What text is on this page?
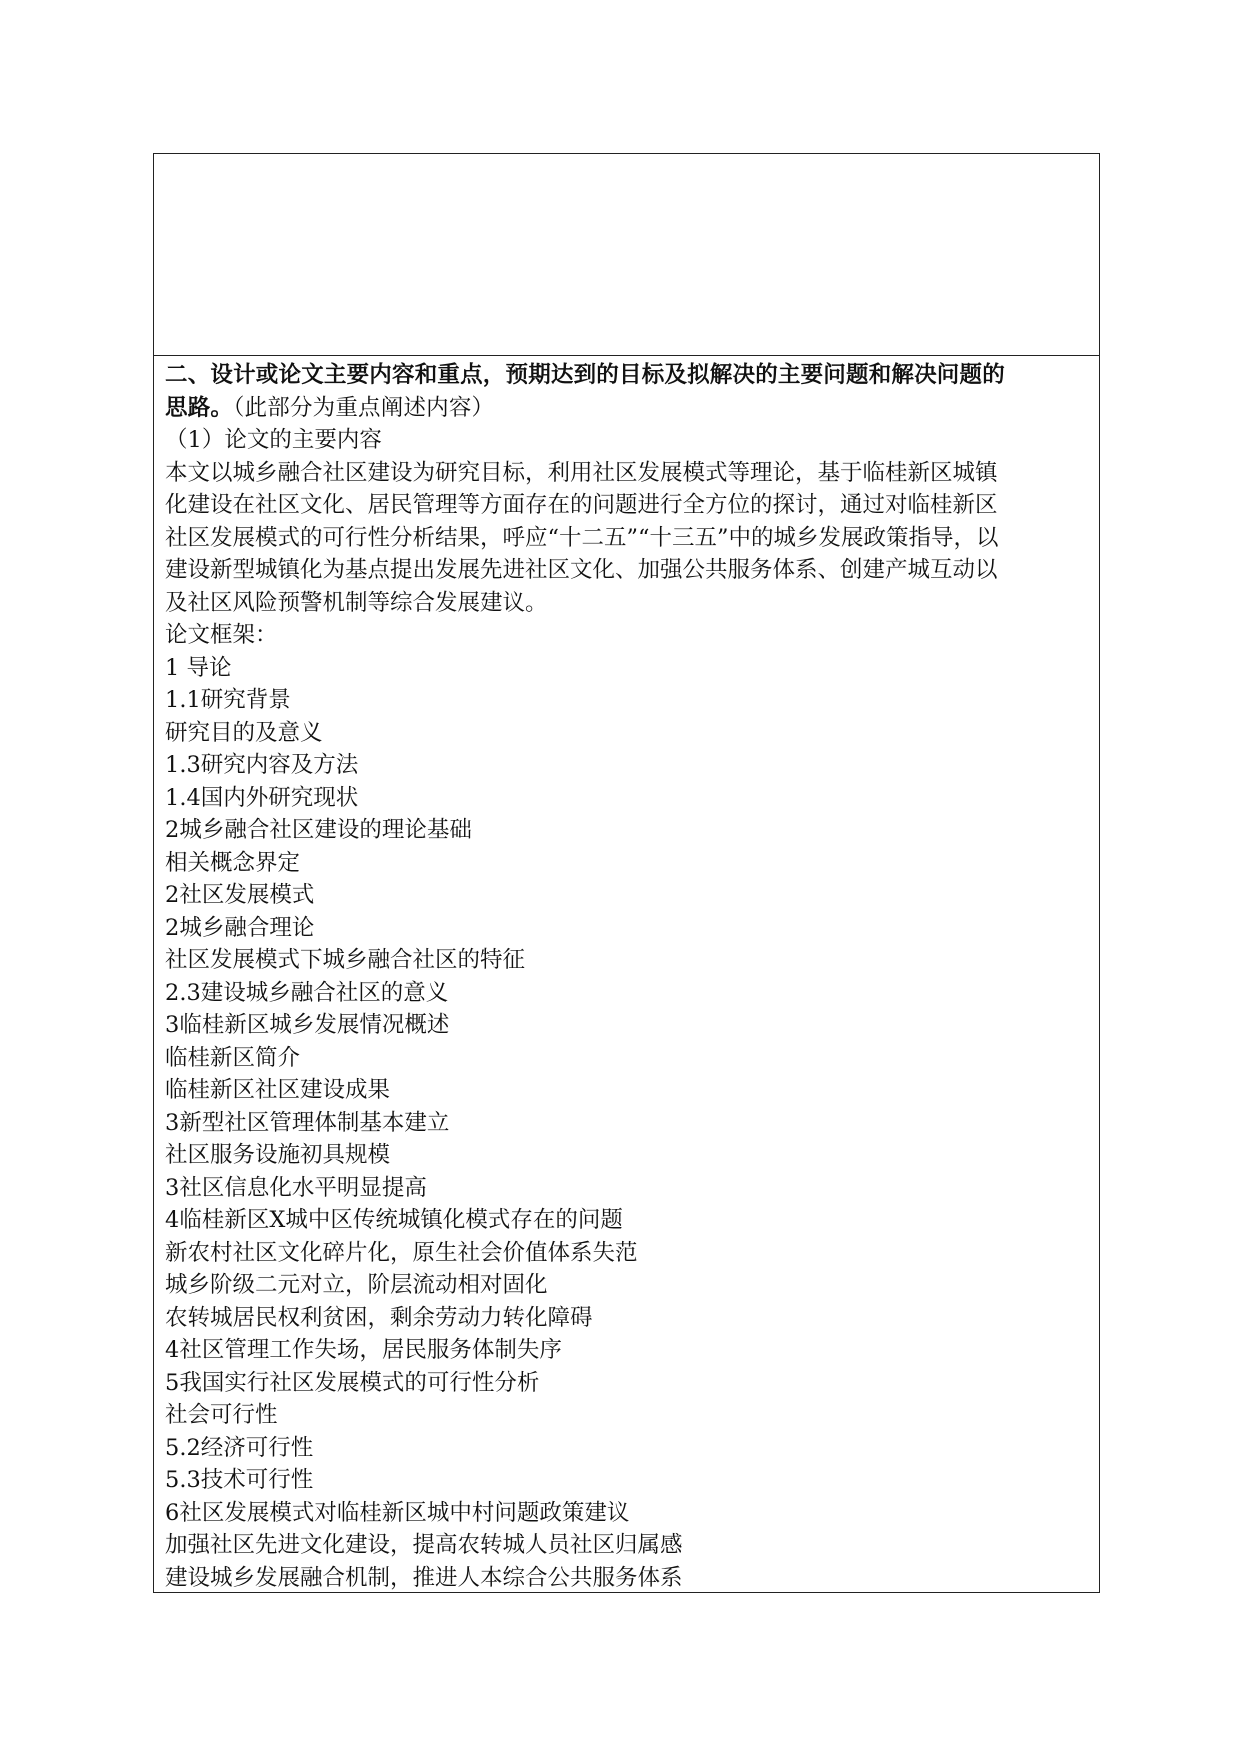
二、设计或论文主要内容和重点，预期达到的目标及拟解决的主要问题和解决问题的
思路。（此部分为重点阐述内容）

（1）论文的主要内容

本文以城乡融合社区建设为研究目标，利用社区发展模式等理论，基于临桂新区城镇
化建设在社区文化、居民管理等方面存在的问题进行全方位的探讨，通过对临桂新区
社区发展模式的可行性分析结果，呼应“十二五”“十三五”中的城乡发展政策指导，以
建设新型城镇化为基点提出发展先进社区文化、加强公共服务体系、创建产城互动以
及社区风险预警机制等综合发展建议。

论文框架：

1 导论

1.1研究背景

研究目的及意义

1.3研究内容及方法

1.4国内外研究现状

2城乡融合社区建设的理论基础

相关概念界定

2社区发展模式

2城乡融合理论

社区发展模式下城乡融合社区的特征

2.3建设城乡融合社区的意义

3临桂新区城乡发展情况概述

临桂新区简介

临桂新区社区建设成果

3新型社区管理体制基本建立

社区服务设施初具规模

3社区信息化水平明显提高

4临桂新区X城中区传统城镇化模式存在的问题

新农村社区文化碎片化，原生社会价值体系失范

城乡阶级二元对立，阶层流动相对固化

农转城居民权利贫困，剩余劳动力转化障碍

4社区管理工作失场，居民服务体制失序

5我国实行社区发展模式的可行性分析

社会可行性

5.2经济可行性

5.3技术可行性

6社区发展模式对临桂新区城中村问题政策建议

加强社区先进文化建设，提高农转城人员社区归属感

建设城乡发展融合机制，推进人本综合公共服务体系
